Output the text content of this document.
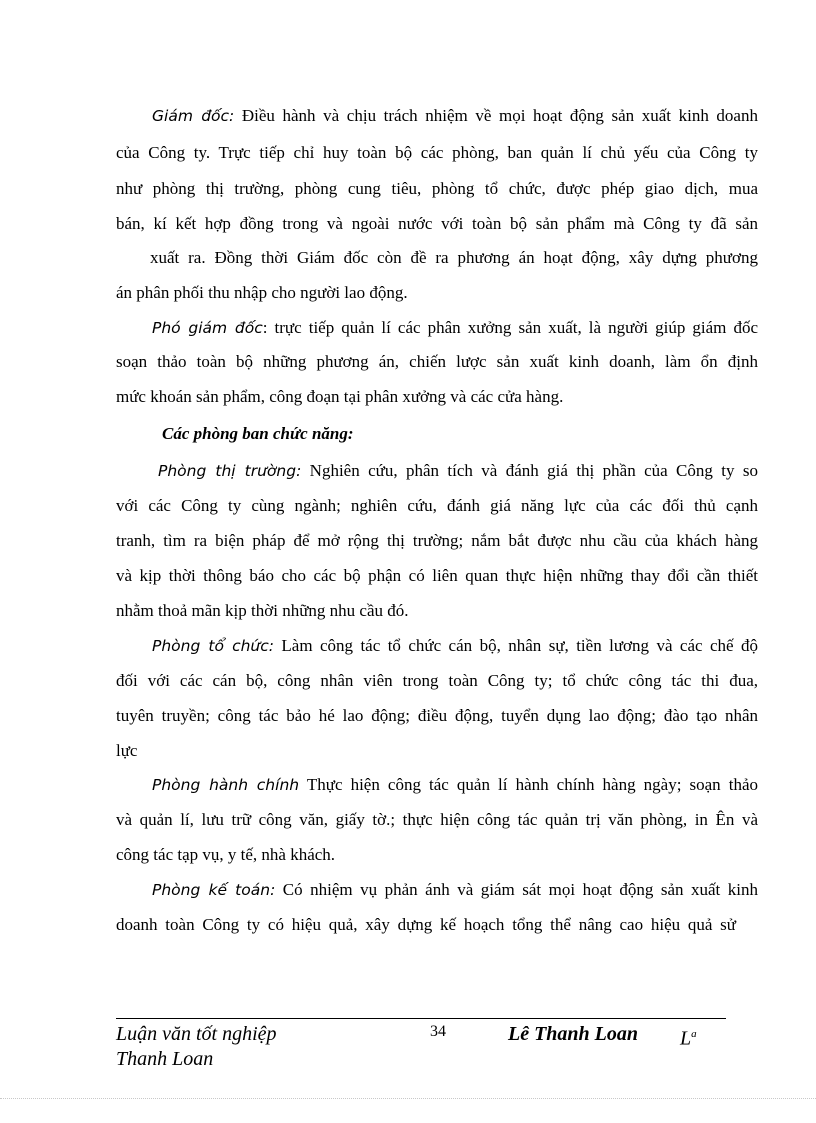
Giám đốc: Điều hành và chịu trách nhiệm về mọi hoạt động sản xuất kinh doanh
của Công ty. Trực tiếp chỉ huy toàn bộ các phòng, ban quản lí chủ yếu của Công ty
như phòng thị trường, phòng cung tiêu, phòng tổ chức, được phép giao dịch, mua
bán, kí kết hợp đồng trong và ngoài nước với toàn bộ sản phẩm mà Công ty đã sản
xuất ra. Đồng thời Giám đốc còn đề ra phương án hoạt động, xây dựng phương
án phân phối thu nhập cho người lao động.
Phó giám đốc: trực tiếp quản lí các phân xưởng sản xuất, là người giúp giám đốc
soạn thảo toàn bộ những phương án, chiến lược sản xuất kinh doanh, làm ổn định
mức khoán sản phẩm, công đoạn tại phân xưởng và các cửa hàng.
Các phòng ban chức năng:
Phòng thị trường: Nghiên cứu, phân tích và đánh giá thị phần của Công ty so
với các Công ty cùng ngành; nghiên cứu, đánh giá năng lực của các đối thủ cạnh
tranh, tìm ra biện pháp để mở rộng thị trường; nắm bắt được nhu cầu của khách hàng
và kịp thời thông báo cho các bộ phận có liên quan thực hiện những thay đổi cần thiết
nhằm thoả mãn kịp thời những nhu cầu đó.
Phòng tổ chức: Làm công tác tổ chức cán bộ, nhân sự, tiền lương và các chế độ
đối với các cán bộ, công nhân viên trong toàn Công ty; tổ chức công tác thi đua,
tuyên truyền; công tác bảo hé lao động; điều động, tuyển dụng lao động; đào tạo nhân
lực
Phòng hành chính Thực hiện công tác quản lí hành chính hàng ngày; soạn thảo
và quản lí, lưu trữ công văn, giấy tờ.; thực hiện công tác quản trị văn phòng, in Ên và
công tác tạp vụ, y tế, nhà khách.
Phòng kế toán: Có nhiệm vụ phản ánh và giám sát mọi hoạt động sản xuất kinh
doanh toàn Công ty có hiệu quả, xây dựng kế hoạch tổng thể nâng cao hiệu quả sử
Luận văn tốt nghiệp
Thanh Loan
34	Lê Thanh Loan $L^a$
